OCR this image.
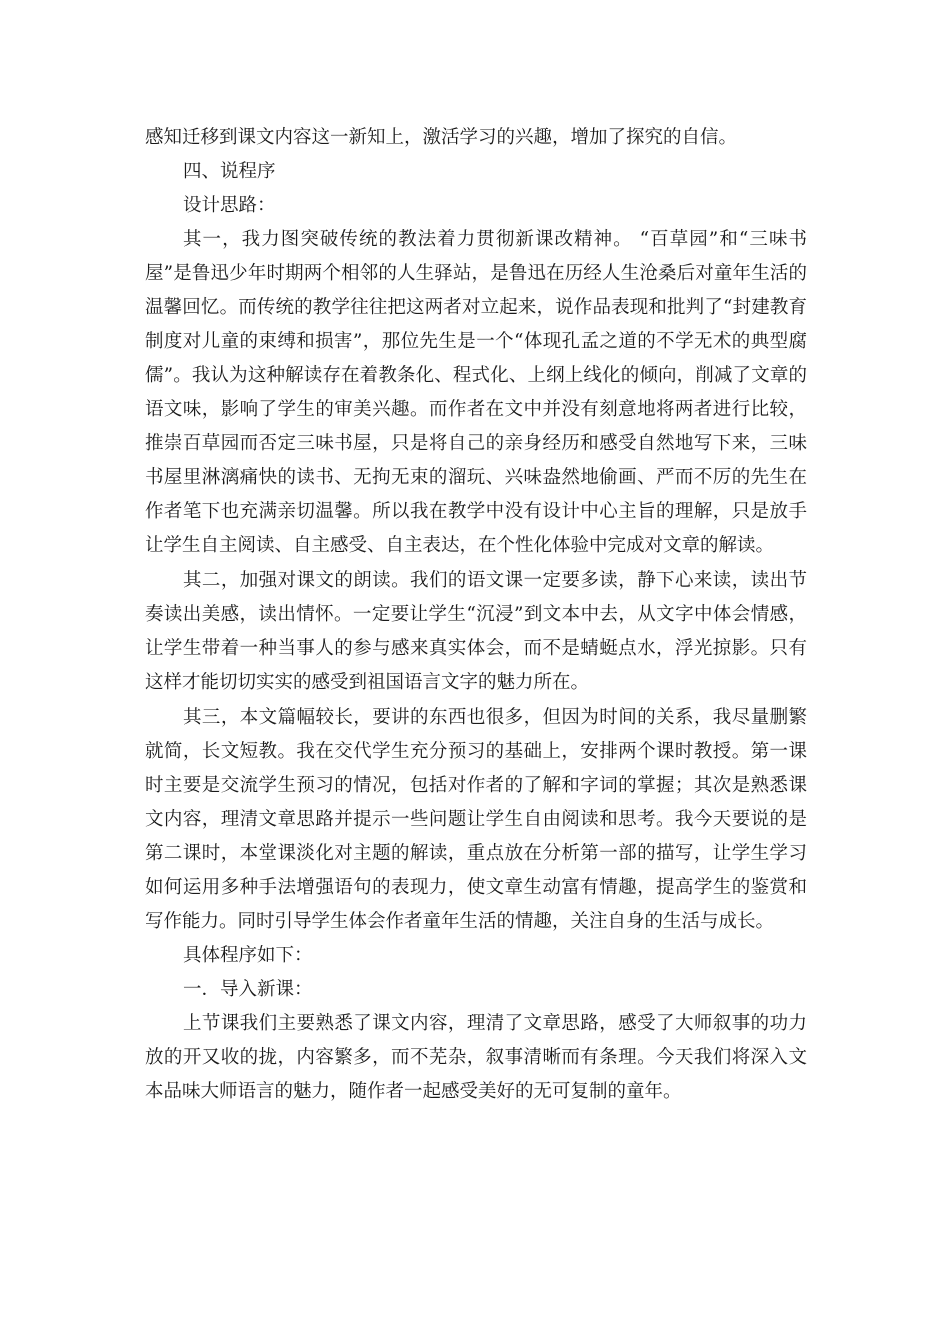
感知迁移到课文内容这一新知上，激活学习的兴趣，增加了探究的自信。

四、说程序

设计思路：

其一，我力图突破传统的教法着力贯彻新课改精神。 “百草园”和“三味书屋”是鲁迅少年时期两个相邻的人生驿站，是鲁迅在历经人生沧桑后对童年生活的温馨回忆。而传统的教学往往把这两者对立起来，说作品表现和批判了“封建教育制度对儿童的束缚和损害”，那位先生是一个“体现孔孟之道的不学无术的典型腐儒”。我认为这种解读存在着教条化、程式化、上纲上线化的倾向，削减了文章的语文味，影响了学生的审美兴趣。而作者在文中并没有刻意地将两者进行比较，推崇百草园而否定三味书屋，只是将自己的亲身经历和感受自然地写下来，三味书屋里淋漓痛快的读书、无拘无束的溜玩、兴味盎然地偷画、严而不厉的先生在作者笔下也充满亲切温馨。所以我在教学中没有设计中心主旨的理解，只是放手让学生自主阅读、自主感受、自主表达，在个性化体验中完成对文章的解读。

其二，加强对课文的朗读。我们的语文课一定要多读，静下心来读，读出节奏读出美感，读出情怀。一定要让学生“沉浸”到文本中去，从文字中体会情感，让学生带着一种当事人的参与感来真实体会，而不是蜻蜓点水，浮光掠影。只有这样才能切切实实的感受到祖国语言文字的魅力所在。

其三，本文篇幅较长，要讲的东西也很多，但因为时间的关系，我尽量删繁就简，长文短教。我在交代学生充分预习的基础上，安排两个课时教授。第一课时主要是交流学生预习的情况，包括对作者的了解和字词的掌握；其次是熟悉课文内容，理清文章思路并提示一些问题让学生自由阅读和思考。我今天要说的是第二课时，本堂课淡化对主题的解读，重点放在分析第一部的描写，让学生学习如何运用多种手法增强语句的表现力，使文章生动富有情趣，提高学生的鉴赏和写作能力。同时引导学生体会作者童年生活的情趣，关注自身的生活与成长。

具体程序如下：

一．导入新课：

上节课我们主要熟悉了课文内容，理清了文章思路，感受了大师叙事的功力放的开又收的拢，内容繁多，而不芜杂，叙事清晰而有条理。今天我们将深入文本品味大师语言的魅力，随作者一起感受美好的无可复制的童年。
